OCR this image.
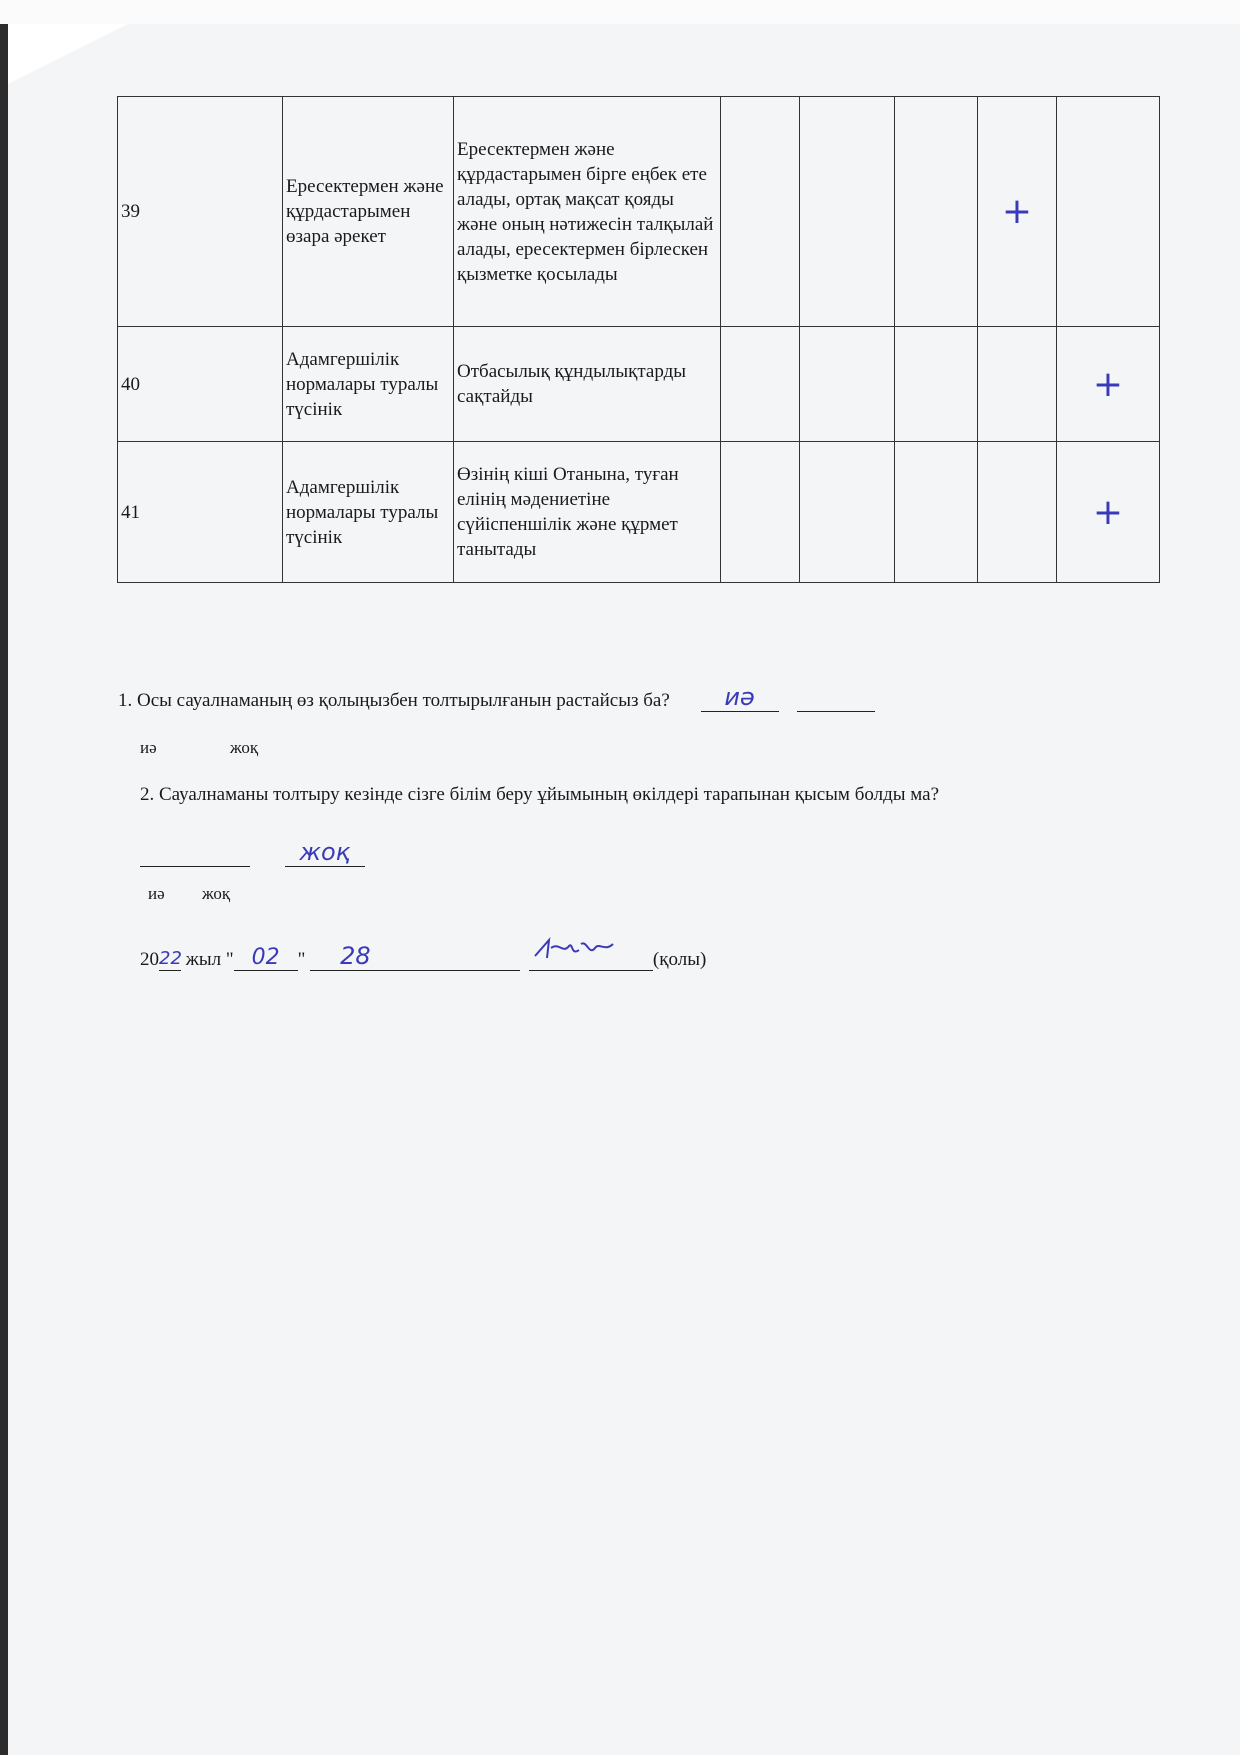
39	Ересектермен және құрдастарымен өзара әрекет	Ересектермен және құрдастарымен бірге еңбек ете алады, ортақ мақсат қояды және оның нәтижесін талқылай алады, ересектермен бірлескен қызметке қосылады				+	
40	Адамгершілік нормалары туралы түсінік	Отбасылық құндылықтарды сақтайды					+
41	Адамгершілік нормалары туралы түсінік	Өзінің кіші Отанына, туған елінің мәдениетіне сүйіспеншілік және құрмет танытады					+
1. Осы сауалнаманың өз қолыңызбен толтырылғанын растайсыз ба? иә
иә	жоқ
2. Сауалнаманы толтыру кезінде сізге білім беру ұйымының өкілдері тарапынан қысым болды ма?
жоқ
иә жоқ
2022 жыл " 02 " 28	(қолы)
